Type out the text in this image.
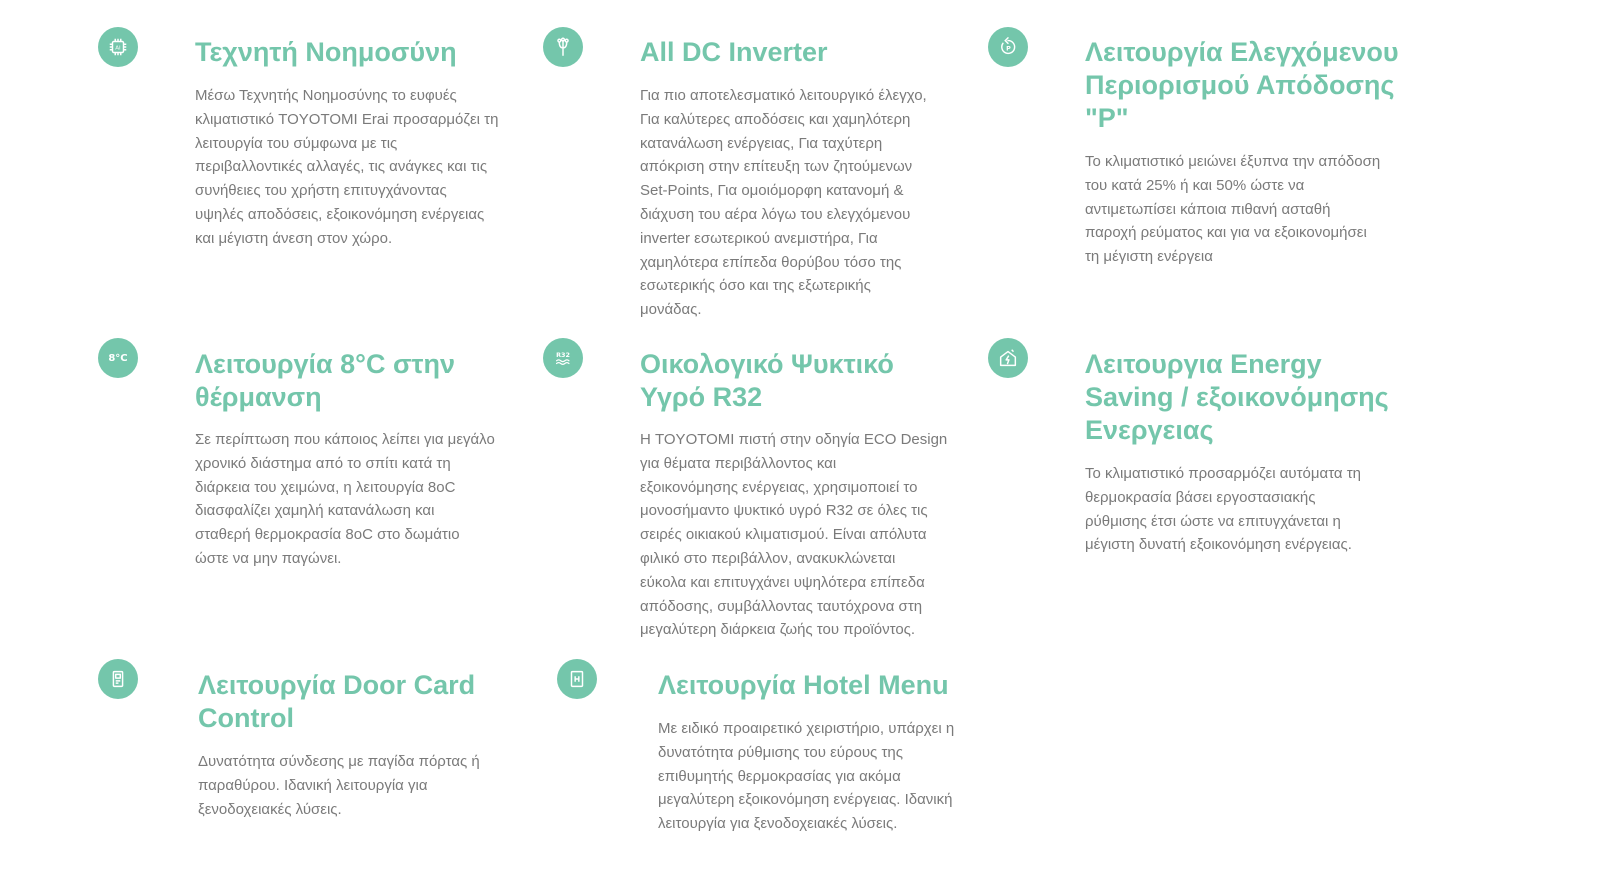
AI	Τεχνητή Νοημοσύνη

Μέσω Τεχνητής Νοημοσύνης το ευφυές
κλιματιστικό TOYOTOMI Erai προσαρμόζει τη
λειτουργία του σύμφωνα με τις
περιβαλλοντικές αλλαγές, τις ανάγκες και τις
συνήθειες του χρήστη επιτυγχάνοντας
υψηλές αποδόσεις, εξοικονόμηση ενέργειας
και μέγιστη άνεση στον χώρο.

All DC Inverter

Για πιο αποτελεσματικό λειτουργικό έλεγχο,
Για καλύτερες αποδόσεις και χαμηλότερη
κατανάλωση ενέργειας, Για ταχύτερη
απόκριση στην επίτευξη των ζητούμενων
Set-Points, Για ομοιόμορφη κατανομή &
διάχυση του αέρα λόγω του ελεγχόμενου
inverter εσωτερικού ανεμιστήρα, Για
χαμηλότερα επίπεδα θορύβου τόσο της
εσωτερικής όσο και της εξωτερικής
μονάδας.

P	Λειτουργία Ελεγχόμενου
Περιορισμού Απόδοσης
"P"

Το κλιματιστικό μειώνει έξυπνα την απόδοση
του κατά 25% ή και 50% ώστε να
αντιμετωπίσει κάποια πιθανή ασταθή
παροχή ρεύματος και για να εξοικονομήσει
τη μέγιστη ενέργεια

8°C Λειτουργία 8°C στην
θέρμανση

Σε περίπτωση που κάποιος λείπει για μεγάλο
χρονικό διάστημα από το σπίτι κατά τη
διάρκεια του χειμώνα, η λειτουργία 8oC
διασφαλίζει χαμηλή κατανάλωση και
σταθερή θερμοκρασία 8oC στο δωμάτιο
ώστε να μην παγώνει.

R32	Οικολογικό Ψυκτικό
Υγρό R32

Η TOYOTOMI πιστή στην οδηγία ECO Design
για θέματα περιβάλλοντος και
εξοικονόμησης ενέργειας, χρησιμοποιεί το
μονοσήμαντο ψυκτικό υγρό R32 σε όλες τις
σειρές οικιακού κλιματισμού. Είναι απόλυτα
φιλικό στο περιβάλλον, ανακυκλώνεται
εύκολα και επιτυγχάνει υψηλότερα επίπεδα
απόδοσης, συμβάλλοντας ταυτόχρονα στη
μεγαλύτερη διάρκεια ζωής του προϊόντος.

Λειτουργια Energy
Saving / εξοικονόμησης
Ενεργειας

Το κλιματιστικό προσαρμόζει αυτόματα τη
θερμοκρασία βάσει εργοστασιακής
ρύθμισης έτσι ώστε να επιτυγχάνεται η
μέγιστη δυνατή εξοικονόμηση ενέργειας.

Λειτουργία Door Card
Control

Δυνατότητα σύνδεσης με παγίδα πόρτας ή
παραθύρου. Ιδανική λειτουργία για
ξενοδοχειακές λύσεις.

Λειτουργία Hotel Menu

Με ειδικό προαιρετικό χειριστήριο, υπάρχει η
δυνατότητα ρύθμισης του εύρους της
επιθυμητής θερμοκρασίας για ακόμα
μεγαλύτερη εξοικονόμηση ενέργειας. Ιδανική
λειτουργία για ξενοδοχειακές λύσεις.
